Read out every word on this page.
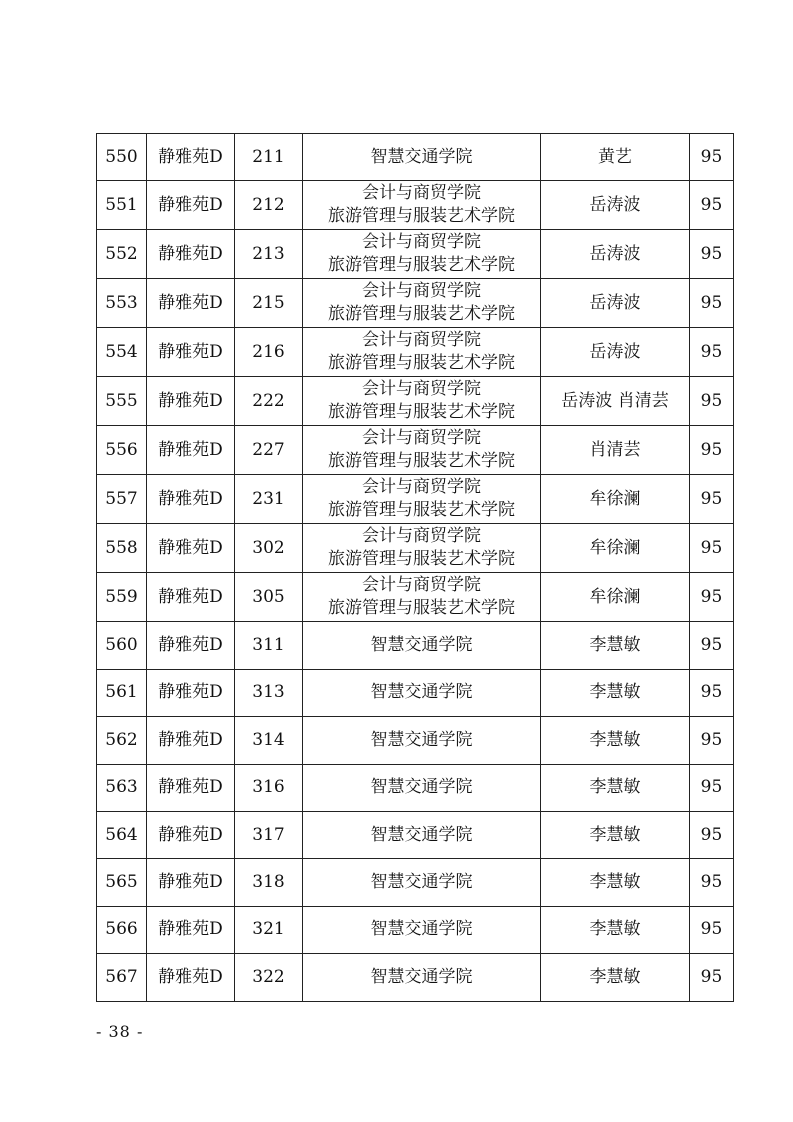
550	静雅苑D	211	智慧交通学院	黄艺	95
551	静雅苑D	212	会计与商贸学院
旅游管理与服装艺术学院	岳涛波	95
552	静雅苑D	213	会计与商贸学院
旅游管理与服装艺术学院	岳涛波	95
553	静雅苑D	215	会计与商贸学院
旅游管理与服装艺术学院	岳涛波	95
554	静雅苑D	216	会计与商贸学院
旅游管理与服装艺术学院	岳涛波	95
555	静雅苑D	222	会计与商贸学院
旅游管理与服装艺术学院	岳涛波 肖清芸	95
556	静雅苑D	227	会计与商贸学院
旅游管理与服装艺术学院	肖清芸	95
557	静雅苑D	231	会计与商贸学院
旅游管理与服装艺术学院	牟徐澜	95
558	静雅苑D	302	会计与商贸学院
旅游管理与服装艺术学院	牟徐澜	95
559	静雅苑D	305	会计与商贸学院
旅游管理与服装艺术学院	牟徐澜	95
560	静雅苑D	311	智慧交通学院	李慧敏	95
561	静雅苑D	313	智慧交通学院	李慧敏	95
562	静雅苑D	314	智慧交通学院	李慧敏	95
563	静雅苑D	316	智慧交通学院	李慧敏	95
564	静雅苑D	317	智慧交通学院	李慧敏	95
565	静雅苑D	318	智慧交通学院	李慧敏	95
566	静雅苑D	321	智慧交通学院	李慧敏	95
567	静雅苑D	322	智慧交通学院	李慧敏	95
- 38 -
